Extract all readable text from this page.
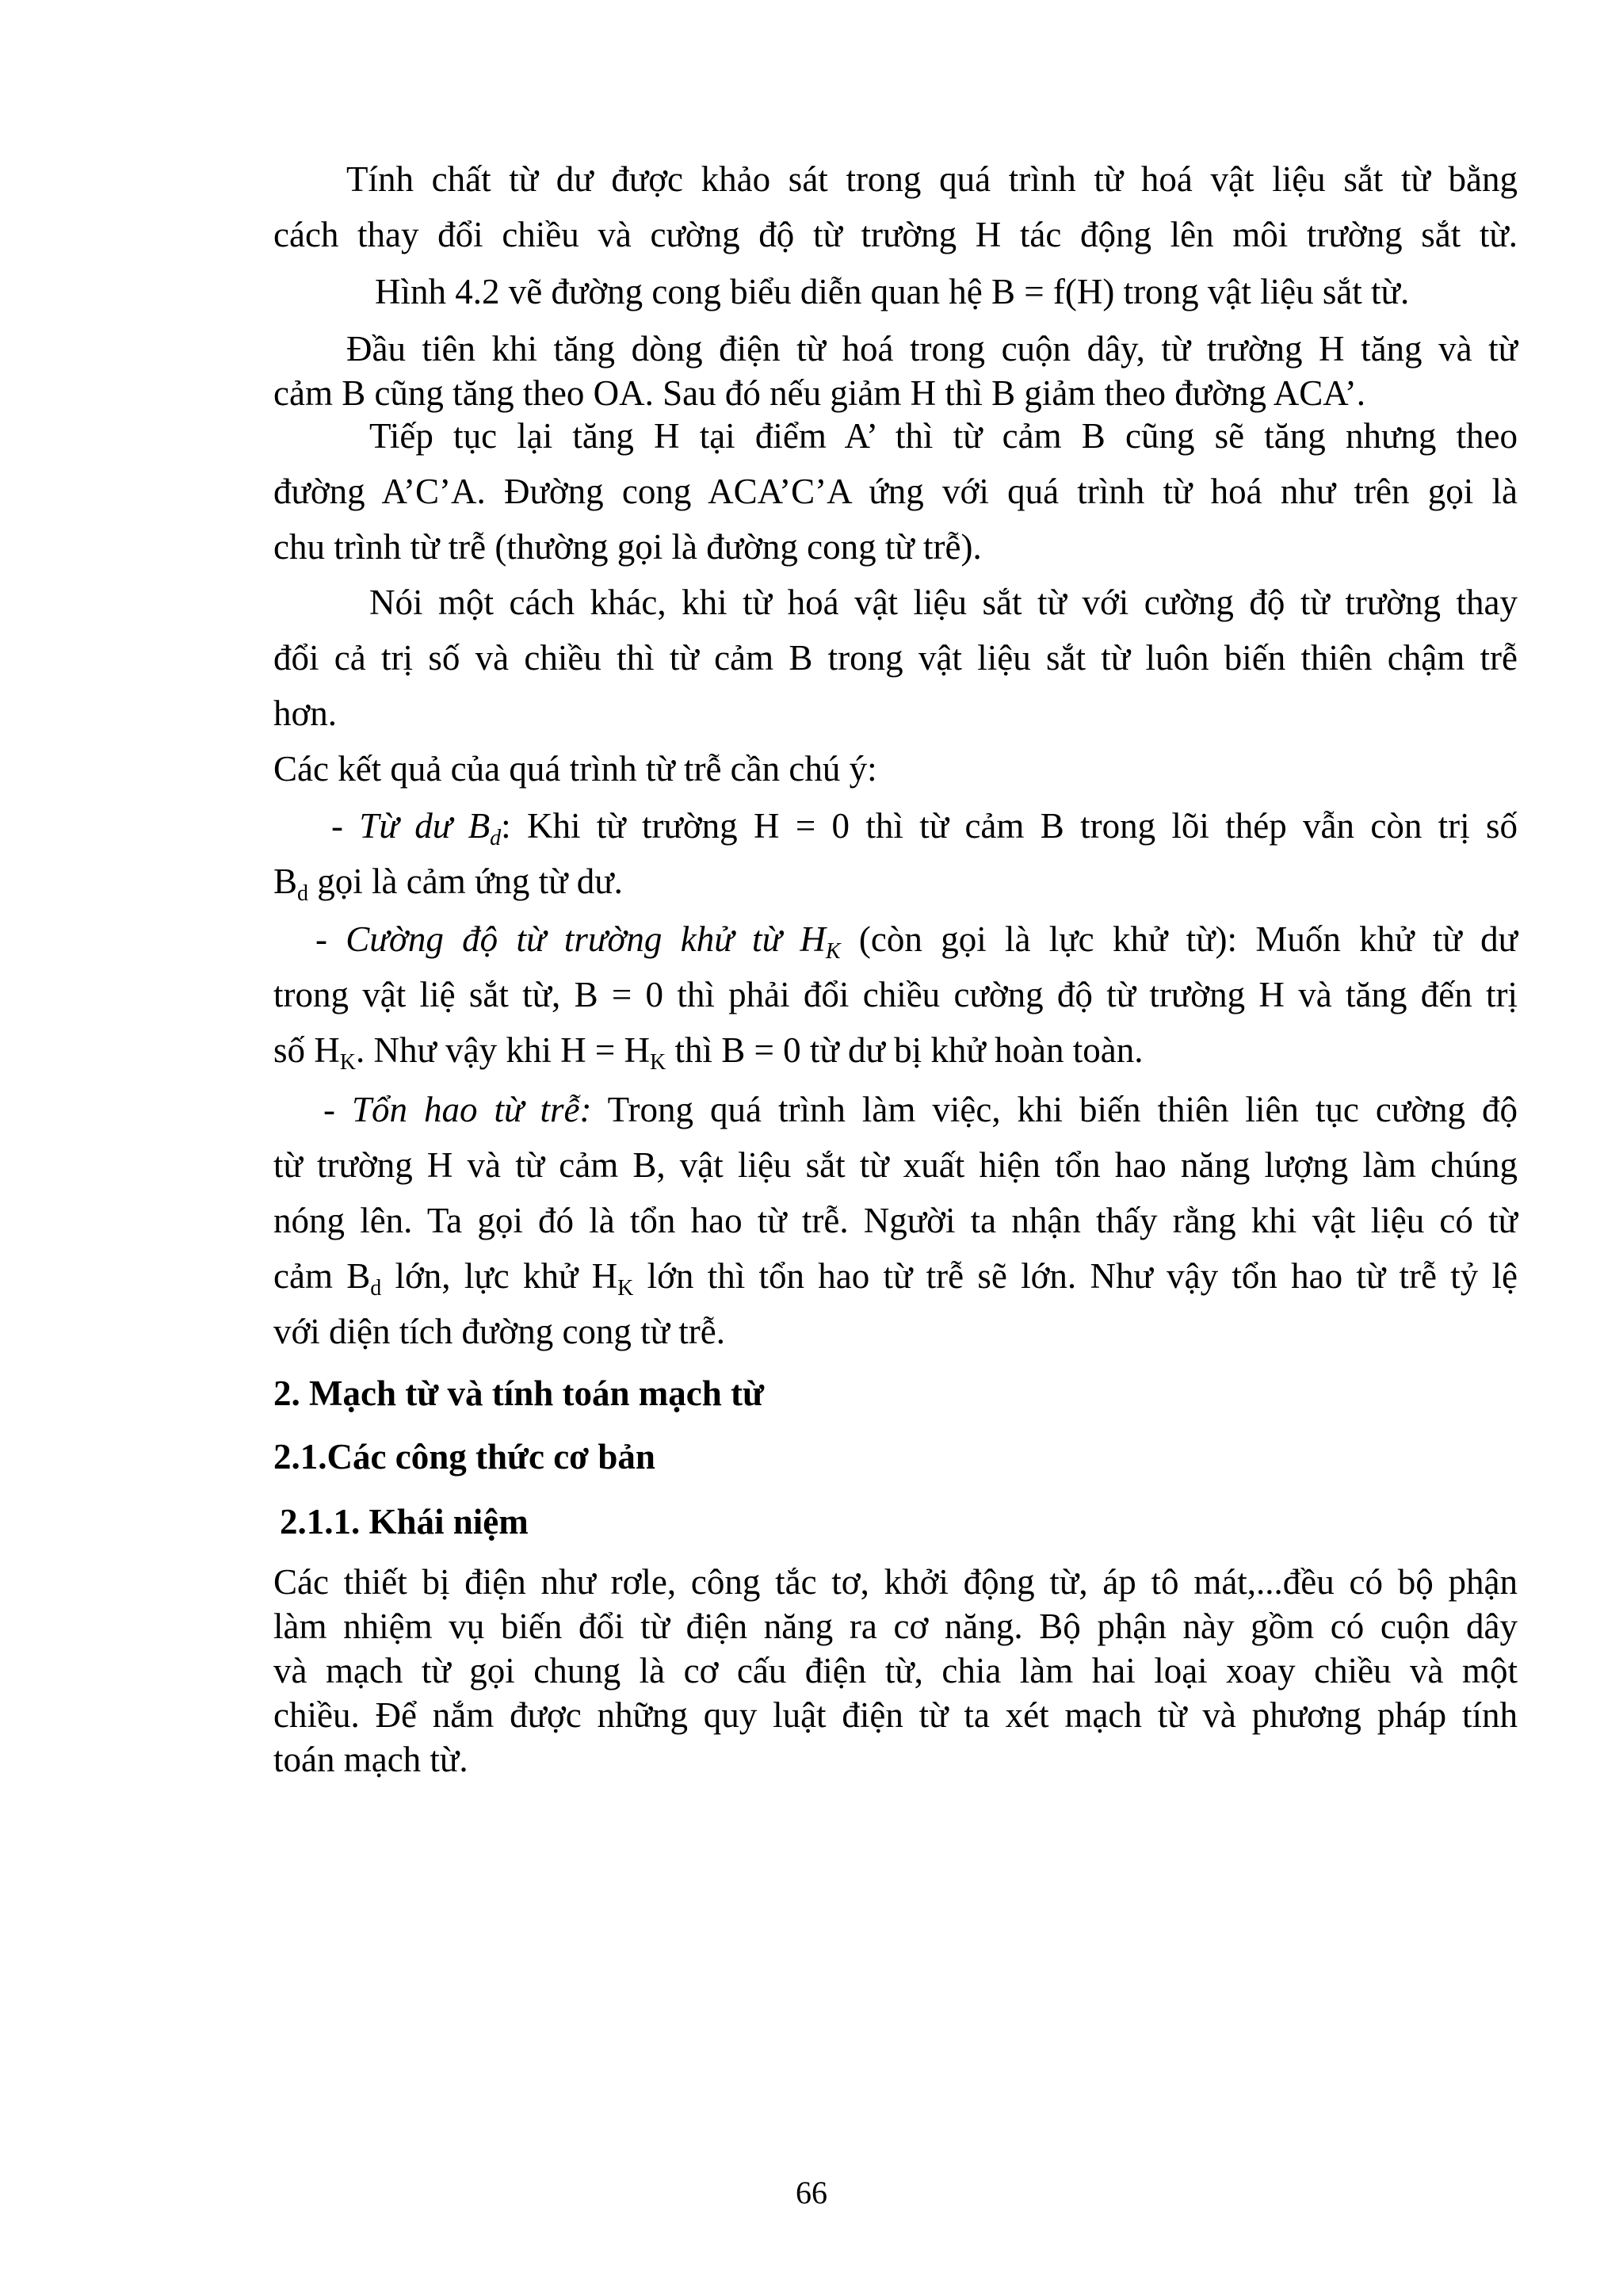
Tính chất từ dư được khảo sát trong quá trình từ hoá vật liệu sắt từ bằng
cách thay đổi chiều và cường độ từ trường H tác động lên môi trường sắt từ.
Hình 4.2 vẽ đường cong biểu diễn quan hệ B = f(H) trong vật liệu sắt từ.
Đầu tiên khi tăng dòng điện từ hoá trong cuộn dây, từ trường H tăng và từ
cảm B cũng tăng theo OA. Sau đó nếu giảm H thì B giảm theo đường ACA’.
Tiếp tục lại tăng H tại điểm A’ thì từ cảm B cũng sẽ tăng nhưng theo
đường A’C’A. Đường cong ACA’C’A ứng với quá trình từ hoá như trên gọi là
chu trình từ trễ (thường gọi là đường cong từ trễ).
Nói một cách khác, khi từ hoá vật liệu sắt từ với cường độ từ trường thay
đổi cả trị số và chiều thì từ cảm B trong vật liệu sắt từ luôn biến thiên chậm trễ
hơn.
Các kết quả của quá trình từ trễ cần chú ý:
- Từ dư $B_d$: Khi từ trường H = 0 thì từ cảm B trong lõi thép vẫn còn trị số
$B_d$ gọi là cảm ứng từ dư.
- Cường độ từ trường khử từ $H_K$ (còn gọi là lực khử từ): Muốn khử từ dư
trong vật liệ sắt từ, B = 0 thì phải đổi chiều cường độ từ trường H và tăng đến trị
số $H_K$. Như vậy khi $H = H_K$ thì B = 0 từ dư bị khử hoàn toàn.
- Tổn hao từ trễ: Trong quá trình làm việc, khi biến thiên liên tục cường độ
từ trường H và từ cảm B, vật liệu sắt từ xuất hiện tổn hao năng lượng làm chúng
nóng lên. Ta gọi đó là tổn hao từ trễ. Người ta nhận thấy rằng khi vật liệu có từ
cảm $B_d$ lớn, lực khử $H_K$ lớn thì tổn hao từ trễ sẽ lớn. Như vậy tổn hao từ trễ tỷ lệ
với diện tích đường cong từ trễ.
2. Mạch từ và tính toán mạch từ
2.1.Các công thức cơ bản
2.1.1. Khái niệm
Các thiết bị điện như rơle, công tắc tơ, khởi động từ, áp tô mát,...đều có bộ phận
làm nhiệm vụ biến đổi từ điện năng ra cơ năng. Bộ phận này gồm có cuộn dây
và mạch từ gọi chung là cơ cấu điện từ, chia làm hai loại xoay chiều và một
chiều. Để nắm được những quy luật điện từ ta xét mạch từ và phương pháp tính
toán mạch từ.
66
